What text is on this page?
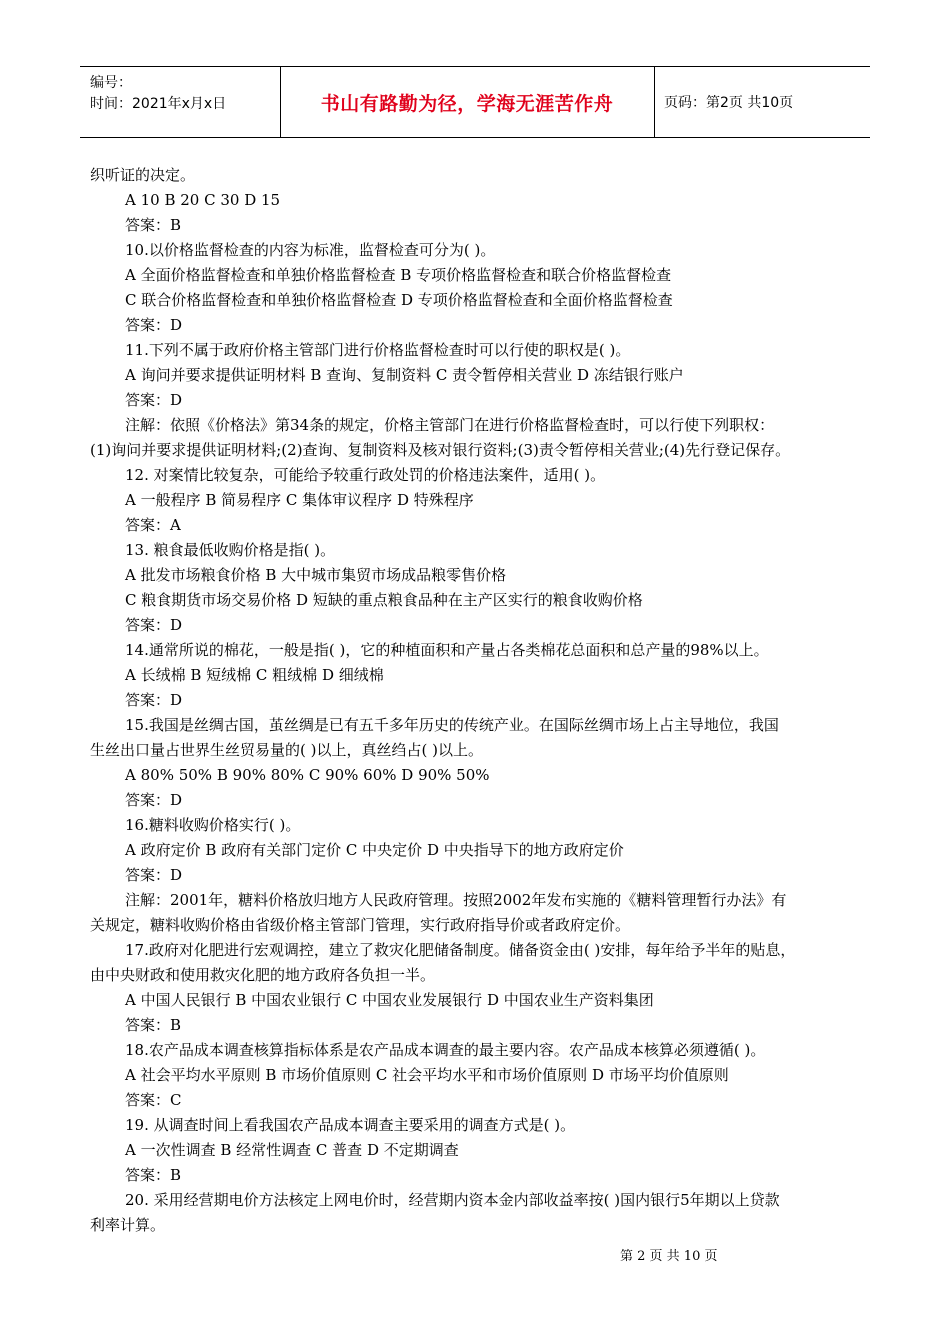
编号：
时间：2021年x月x日	书山有路勤为径，学海无涯苦作舟	页码：第2页 共10页
织听证的决定。
A 10 B 20 C 30 D 15
答案：B
10.以价格监督检查的内容为标准，监督检查可分为( )。
A 全面价格监督检查和单独价格监督检查 B 专项价格监督检查和联合价格监督检查
C 联合价格监督检查和单独价格监督检查 D 专项价格监督检查和全面价格监督检查
答案：D
11.下列不属于政府价格主管部门进行价格监督检查时可以行使的职权是( )。
A 询问并要求提供证明材料 B 查询、复制资料 C 责令暂停相关营业 D 冻结银行账户
答案：D
注解：依照《价格法》第34条的规定，价格主管部门在进行价格监督检查时，可以行使下列职权：
(1)询问并要求提供证明材料;(2)查询、复制资料及核对银行资料;(3)责令暂停相关营业;(4)先行登记保存。
12. 对案情比较复杂，可能给予较重行政处罚的价格违法案件，适用( )。
A 一般程序 B 简易程序 C 集体审议程序 D 特殊程序
答案：A
13. 粮食最低收购价格是指( )。
A 批发市场粮食价格 B 大中城市集贸市场成品粮零售价格
C 粮食期货市场交易价格 D 短缺的重点粮食品种在主产区实行的粮食收购价格
答案：D
14.通常所说的棉花，一般是指( )，它的种植面积和产量占各类棉花总面积和总产量的98%以上。
A 长绒棉 B 短绒棉 C 粗绒棉 D 细绒棉
答案：D
15.我国是丝绸古国，茧丝绸是已有五千多年历史的传统产业。在国际丝绸市场上占主导地位，我国
生丝出口量占世界生丝贸易量的( )以上，真丝绉占( )以上。
A 80% 50% B 90% 80% C 90% 60% D 90% 50%
答案：D
16.糖料收购价格实行( )。
A 政府定价 B 政府有关部门定价 C 中央定价 D 中央指导下的地方政府定价
答案：D
注解：2001年，糖料价格放归地方人民政府管理。按照2002年发布实施的《糖料管理暂行办法》有
关规定，糖料收购价格由省级价格主管部门管理，实行政府指导价或者政府定价。
17.政府对化肥进行宏观调控，建立了救灾化肥储备制度。储备资金由( )安排，每年给予半年的贴息，
由中央财政和使用救灾化肥的地方政府各负担一半。
A 中国人民银行 B 中国农业银行 C 中国农业发展银行 D 中国农业生产资料集团
答案：B
18.农产品成本调查核算指标体系是农产品成本调查的最主要内容。农产品成本核算必须遵循( )。
A 社会平均水平原则 B 市场价值原则 C 社会平均水平和市场价值原则 D 市场平均价值原则
答案：C
19. 从调查时间上看我国农产品成本调查主要采用的调查方式是( )。
A 一次性调查 B 经常性调查 C 普查 D 不定期调查
答案：B
20. 采用经营期电价方法核定上网电价时，经营期内资本金内部收益率按( )国内银行5年期以上贷款
利率计算。
第 2 页 共 10 页
